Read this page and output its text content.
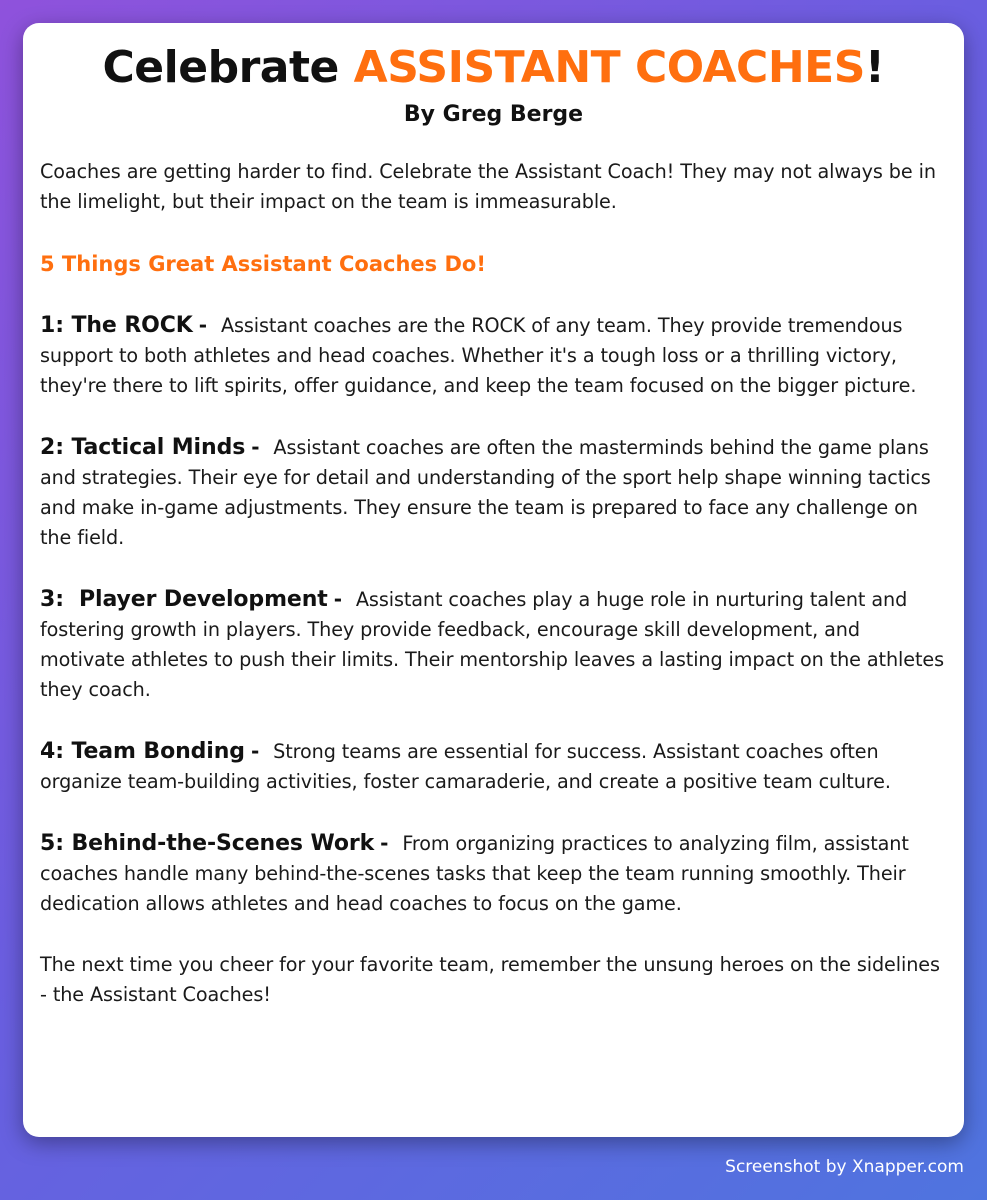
Celebrate ASSISTANT COACHES!
By Greg Berge

Coaches are getting harder to find. Celebrate the Assistant Coach! They may not always be in the limelight, but their impact on the team is immeasurable.

5 Things Great Assistant Coaches Do!

1: The ROCK - Assistant coaches are the ROCK of any team. They provide tremendous support to both athletes and head coaches. Whether it's a tough loss or a thrilling victory, they're there to lift spirits, offer guidance, and keep the team focused on the bigger picture.

2: Tactical Minds - Assistant coaches are often the masterminds behind the game plans and strategies. Their eye for detail and understanding of the sport help shape winning tactics and make in-game adjustments. They ensure the team is prepared to face any challenge on the field.

3:  Player Development - Assistant coaches play a huge role in nurturing talent and fostering growth in players. They provide feedback, encourage skill development, and motivate athletes to push their limits. Their mentorship leaves a lasting impact on the athletes they coach.

4: Team Bonding - Strong teams are essential for success. Assistant coaches often organize team-building activities, foster camaraderie, and create a positive team culture.

5: Behind-the-Scenes Work - From organizing practices to analyzing film, assistant coaches handle many behind-the-scenes tasks that keep the team running smoothly. Their dedication allows athletes and head coaches to focus on the game.

The next time you cheer for your favorite team, remember the unsung heroes on the sidelines - the Assistant Coaches!

Screenshot by Xnapper.com
